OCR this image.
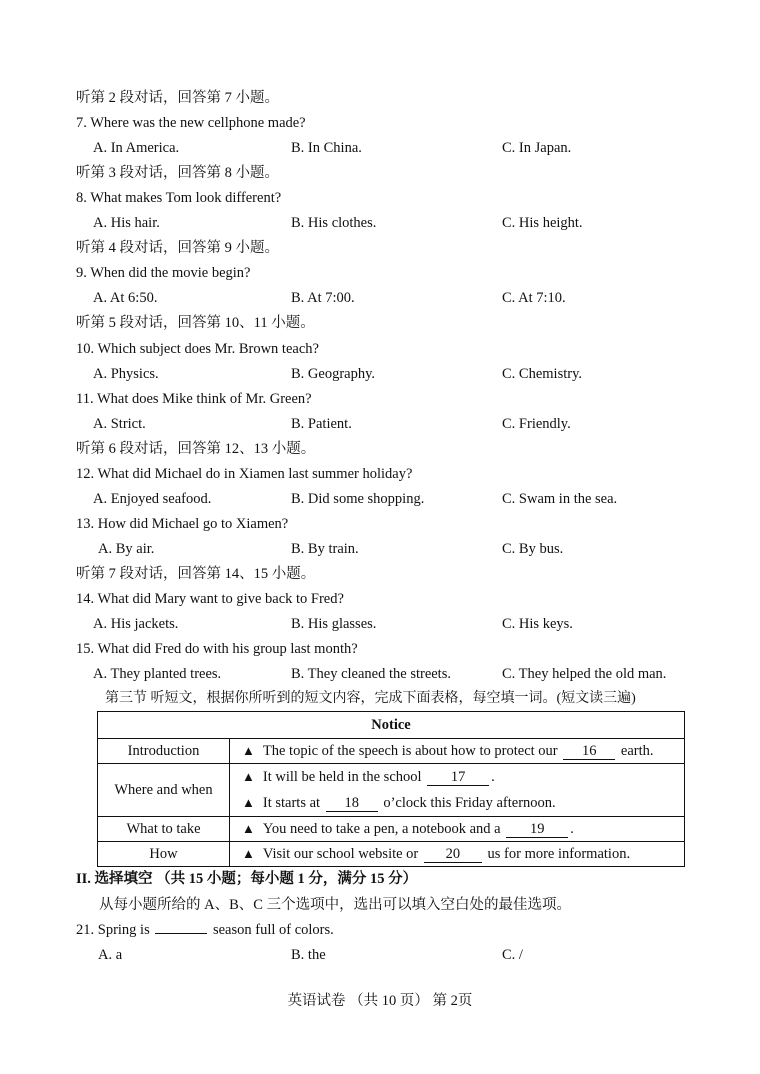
听第 2 段对话，回答第 7 小题。
7. Where was the new cellphone made?
A. In America.	B. In China.	C. In Japan.
听第 3 段对话，回答第 8 小题。
8. What makes Tom look different?
A. His hair.	B. His clothes.	C. His height.
听第 4 段对话，回答第 9 小题。
9. When did the movie begin?
A. At 6:50.	B. At 7:00.	C. At 7:10.
听第 5 段对话，回答第 10、11 小题。
10. Which subject does Mr. Brown teach?
A. Physics.	B. Geography.	C. Chemistry.
11. What does Mike think of Mr. Green?
A. Strict.	B. Patient.	C. Friendly.
听第 6 段对话，回答第 12、13 小题。
12. What did Michael do in Xiamen last summer holiday?
A. Enjoyed seafood.	B. Did some shopping.	C. Swam in the sea.
13. How did Michael go to Xiamen?
A. By air.	B. By train.	C. By bus.
听第 7 段对话，回答第 14、15 小题。
14. What did Mary want to give back to Fred?
A. His jackets.	B. His glasses.	C. His keys.
15. What did Fred do with his group last month?
A. They planted trees.	B. They cleaned the streets.	C. They helped the old man.
第三节 听短文，根据你所听到的短文内容，完成下面表格，每空填一词。(短文读三遍)
Notice	
Introduction	▲ The topic of the speech is about how to protect our 16 earth.
Where and when	▲ It will be held in the school 17 .
▲ It starts at 18 o’clock this Friday afternoon.

What to take	▲ You need to take a pen, a notebook and a 19 .
How	▲ Visit our school website or 20 us for more information.
II. 选择填空 （共 15 小题；每小题 1 分，满分 15 分）
从每小题所给的 A、B、C 三个选项中，选出可以填入空白处的最佳选项。
21. Spring is	season full of colors.
A. a	B. the	C. /
英语试卷 （共 10 页） 第 2页
